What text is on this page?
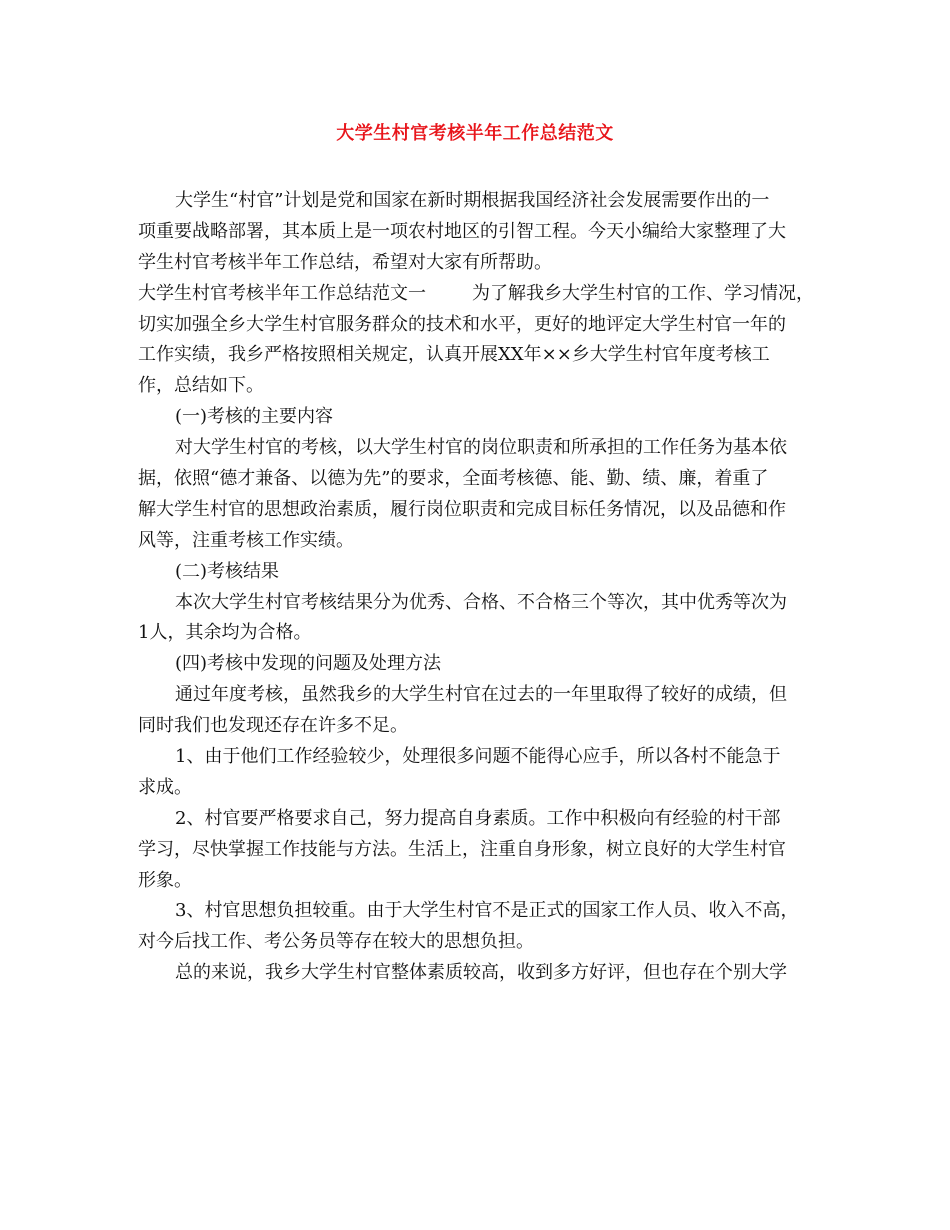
大学生村官考核半年工作总结范文
大学生“村官”计划是党和国家在新时期根据我国经济社会发展需要作出的一
项重要战略部署，其本质上是一项农村地区的引智工程。今天小编给大家整理了大
学生村官考核半年工作总结，希望对大家有所帮助。
大学生村官考核半年工作总结范文一	为了解我乡大学生村官的工作、学习情况，
切实加强全乡大学生村官服务群众的技术和水平，更好的地评定大学生村官一年的
工作实绩，我乡严格按照相关规定，认真开展XX年××乡大学生村官年度考核工
作，总结如下。
(一)考核的主要内容
对大学生村官的考核，以大学生村官的岗位职责和所承担的工作任务为基本依
据，依照“德才兼备、以德为先”的要求，全面考核德、能、勤、绩、廉，着重了
解大学生村官的思想政治素质，履行岗位职责和完成目标任务情况，以及品德和作
风等，注重考核工作实绩。
(二)考核结果
本次大学生村官考核结果分为优秀、合格、不合格三个等次，其中优秀等次为
1人，其余均为合格。
(四)考核中发现的问题及处理方法
通过年度考核，虽然我乡的大学生村官在过去的一年里取得了较好的成绩，但
同时我们也发现还存在许多不足。
1、由于他们工作经验较少，处理很多问题不能得心应手，所以各村不能急于
求成。
2、村官要严格要求自己，努力提高自身素质。工作中积极向有经验的村干部
学习，尽快掌握工作技能与方法。生活上，注重自身形象，树立良好的大学生村官
形象。
3、村官思想负担较重。由于大学生村官不是正式的国家工作人员、收入不高，
对今后找工作、考公务员等存在较大的思想负担。
总的来说，我乡大学生村官整体素质较高，收到多方好评，但也存在个别大学
